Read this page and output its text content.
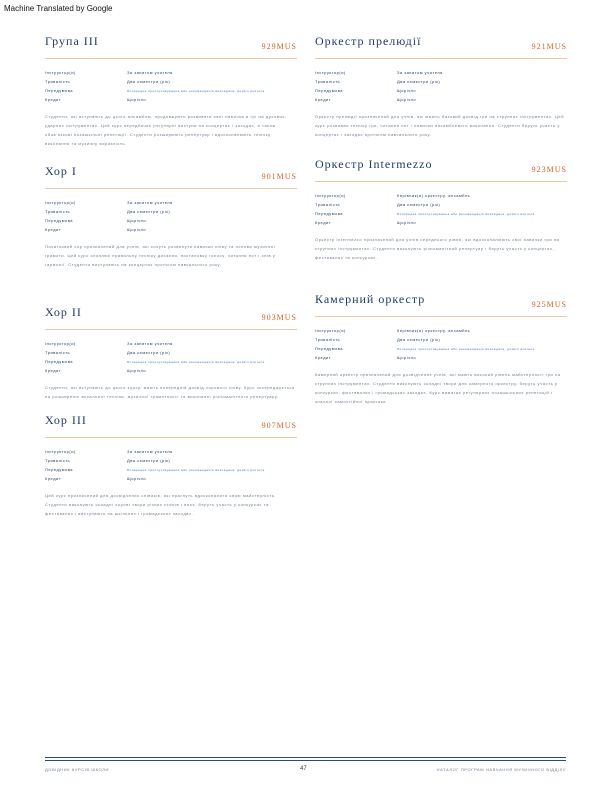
Machine Translated by Google
Група III	929MUS
Інструктор(и)	За запитом учителя
Тривалість	Два семестри (рік)
Передумова	Попереднє прослуховування або рекомендація викладача, дозвіл вчителя
Кредит	Щорічно

Студенти, які вступають до цього ансамблю, продовжують розвивати свої навички в грі на духових, ударних інструментах. Цей курс передбачає регулярні виступи на концертах і заходах, а також обов'язкові позашкільні репетиції. Студенти розширюють репертуар і вдосконалюють техніку виконання та музичну виразність.

Хор I	901MUS
Інструктор(и)	За запитом учителя
Тривалість	Два семестри (рік)
Передумова	Щорічно
Кредит	Щорічно

Початковий хор призначений для учнів, які хочуть розвинути навички співу та основи музичної грамоти. Цей курс охоплює правильну техніку дихання, постановку голосу, читання нот і спів у гармонії. Студенти виступають на концертах протягом навчального року.

Хор II	903MUS
Інструктор(и)	За запитом учителя
Тривалість	Два семестри (рік)
Передумова	Попереднє прослуховування або рекомендація викладача, дозвіл вчителя
Кредит	Щорічно

Студенти, які вступають до цього курсу, мають попередній досвід хорового співу. Курс зосереджується на розширенні вокальної техніки, музичної грамотності та виконанні різноманітного репертуару.

Хор III	907MUS
Інструктор(и)	За запитом учителя
Тривалість	Два семестри (рік)
Передумова	Попереднє прослуховування або рекомендація викладача, дозвіл вчителя
Кредит	Щорічно

Цей курс призначений для досвідчених співаків, які прагнуть вдосконалити свою майстерність. Студенти виконують складні хорові твори різних стилів і епох, беруть участь у конкурсах та фестивалях і виступають на шкільних і громадських заходах.

Оркестр прелюдії	921MUS
Інструктор(и)	За запитом учителя
Тривалість	Два семестри (рік)
Передумова	Щорічно
Кредит	Щорічно

Оркестр прелюдії призначений для учнів, які мають базовий досвід гри на струнних інструментах. Цей курс розвиває техніку гри, читання нот і навички ансамблевого виконання. Студенти беруть участь у концертах і заходах протягом навчального року.

Оркестр Intermezzo	923MUS
Інструктор(и)	Керівник(и) оркестру, ансамбль
Тривалість	Два семестри (рік)
Передумова	Попереднє прослуховування або рекомендація викладача, дозвіл вчителя
Кредит	Щорічно

Оркестр Intermezzo призначений для учнів середнього рівня, які вдосконалюють свої навички гри на струнних інструментах. Студенти виконують різноманітний репертуар і беруть участь у концертах, фестивалях та конкурсах.

Камерний оркестр	925MUS
Інструктор(и)	Керівник(и) оркестру, ансамбль
Тривалість	Два семестри (рік)
Передумова	Попереднє прослуховування або рекомендація викладача, дозвіл вчителя
Кредит	Щорічно

Камерний оркестр призначений для досвідчених учнів, які мають високий рівень майстерності гри на струнних інструментах. Студенти виконують складні твори для камерного оркестру, беруть участь у конкурсах, фестивалях і громадських заходах. Курс вимагає регулярних позашкільних репетицій і значної самостійної практики.

ДОВІДНИК КУРСІВ ШКОЛИ	47	КАТАЛОГ ПРОГРАМ НАВЧАННЯ МУЗИЧНОГО ВІДДІЛУ
